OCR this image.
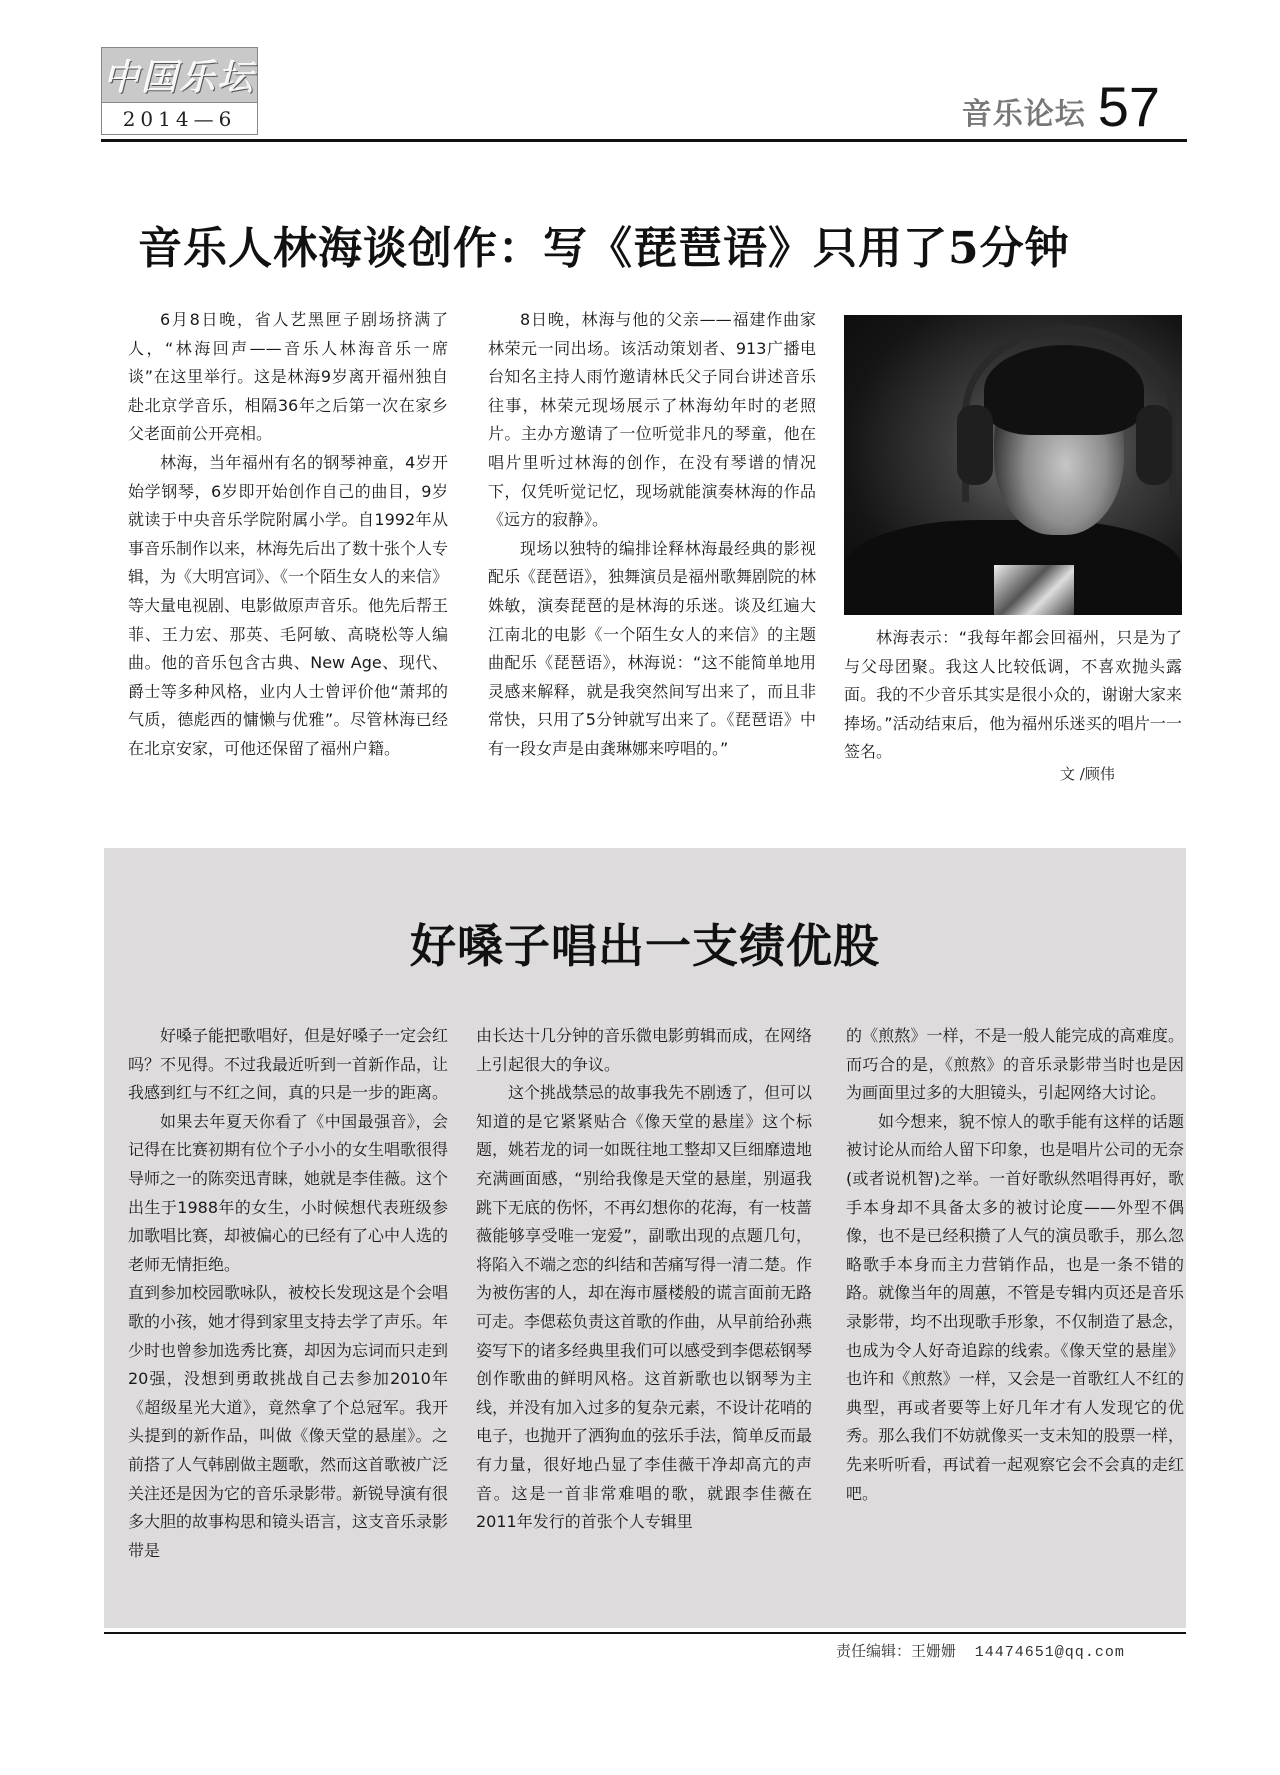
中国乐坛
2014—6	音乐论坛 57
音乐人林海谈创作：写《琵琶语》只用了5分钟

6月8日晚，省人艺黑匣子剧场挤满了人，“林海回声——音乐人林海音乐一席谈”在这里举行。这是林海9岁离开福州独自赴北京学音乐，相隔36年之后第一次在家乡父老面前公开亮相。

林海，当年福州有名的钢琴神童，4岁开始学钢琴，6岁即开始创作自己的曲目，9岁就读于中央音乐学院附属小学。自1992年从事音乐制作以来，林海先后出了数十张个人专辑，为《大明宫词》、《一个陌生女人的来信》等大量电视剧、电影做原声音乐。他先后帮王菲、王力宏、那英、毛阿敏、高晓松等人编曲。他的音乐包含古典、New Age、现代、爵士等多种风格，业内人士曾评价他“萧邦的气质，德彪西的慵懒与优雅”。尽管林海已经在北京安家，可他还保留了福州户籍。

8日晚，林海与他的父亲——福建作曲家林荣元一同出场。该活动策划者、913广播电台知名主持人雨竹邀请林氏父子同台讲述音乐往事，林荣元现场展示了林海幼年时的老照片。主办方邀请了一位听觉非凡的琴童，他在唱片里听过林海的创作，在没有琴谱的情况下，仅凭听觉记忆，现场就能演奏林海的作品《远方的寂静》。

现场以独特的编排诠释林海最经典的影视配乐《琵琶语》，独舞演员是福州歌舞剧院的林姝敏，演奏琵琶的是林海的乐迷。谈及红遍大江南北的电影《一个陌生女人的来信》的主题曲配乐《琵琶语》，林海说：“这不能简单地用灵感来解释，就是我突然间写出来了，而且非常快，只用了5分钟就写出来了。《琵琶语》中有一段女声是由龚琳娜来哼唱的。”

林海表示：“我每年都会回福州，只是为了与父母团聚。我这人比较低调，不喜欢抛头露面。我的不少音乐其实是很小众的，谢谢大家来捧场。”活动结束后，他为福州乐迷买的唱片一一签名。

文 /顾伟
好嗓子唱出一支绩优股

好嗓子能把歌唱好，但是好嗓子一定会红吗？不见得。不过我最近听到一首新作品，让我感到红与不红之间，真的只是一步的距离。

如果去年夏天你看了《中国最强音》，会记得在比赛初期有位个子小小的女生唱歌很得导师之一的陈奕迅青睐，她就是李佳薇。这个出生于1988年的女生，小时候想代表班级参加歌唱比赛，却被偏心的已经有了心中人选的老师无情拒绝。

直到参加校园歌咏队，被校长发现这是个会唱歌的小孩，她才得到家里支持去学了声乐。年少时也曾参加选秀比赛，却因为忘词而只走到20强，没想到勇敢挑战自己去参加2010年《超级星光大道》，竟然拿了个总冠军。我开头提到的新作品，叫做《像天堂的悬崖》。之前搭了人气韩剧做主题歌，然而这首歌被广泛关注还是因为它的音乐录影带。新锐导演有很多大胆的故事构思和镜头语言，这支音乐录影带是

由长达十几分钟的音乐微电影剪辑而成，在网络上引起很大的争议。

这个挑战禁忌的故事我先不剧透了，但可以知道的是它紧紧贴合《像天堂的悬崖》这个标题，姚若龙的词一如既往地工整却又巨细靡遗地充满画面感，“别给我像是天堂的悬崖，别逼我跳下无底的伤怀，不再幻想你的花海，有一枝蔷薇能够享受唯一宠爱”，副歌出现的点题几句，将陷入不端之恋的纠结和苦痛写得一清二楚。作为被伤害的人，却在海市蜃楼般的谎言面前无路可走。李偲菘负责这首歌的作曲，从早前给孙燕姿写下的诸多经典里我们可以感受到李偲菘钢琴创作歌曲的鲜明风格。这首新歌也以钢琴为主线，并没有加入过多的复杂元素，不设计花哨的电子，也抛开了洒狗血的弦乐手法，简单反而最有力量，很好地凸显了李佳薇干净却高亢的声音。这是一首非常难唱的歌，就跟李佳薇在2011年发行的首张个人专辑里

的《煎熬》一样，不是一般人能完成的高难度。而巧合的是，《煎熬》的音乐录影带当时也是因为画面里过多的大胆镜头，引起网络大讨论。

如今想来，貌不惊人的歌手能有这样的话题被讨论从而给人留下印象，也是唱片公司的无奈(或者说机智)之举。一首好歌纵然唱得再好，歌手本身却不具备太多的被讨论度——外型不偶像，也不是已经积攒了人气的演员歌手，那么忽略歌手本身而主力营销作品，也是一条不错的路。就像当年的周蕙，不管是专辑内页还是音乐录影带，均不出现歌手形象，不仅制造了悬念，也成为令人好奇追踪的线索。《像天堂的悬崖》也许和《煎熬》一样，又会是一首歌红人不红的典型，再或者要等上好几年才有人发现它的优秀。那么我们不妨就像买一支未知的股票一样，先来听听看，再试着一起观察它会不会真的走红吧。

责任编辑：王姗姗 14474651@qq.com
